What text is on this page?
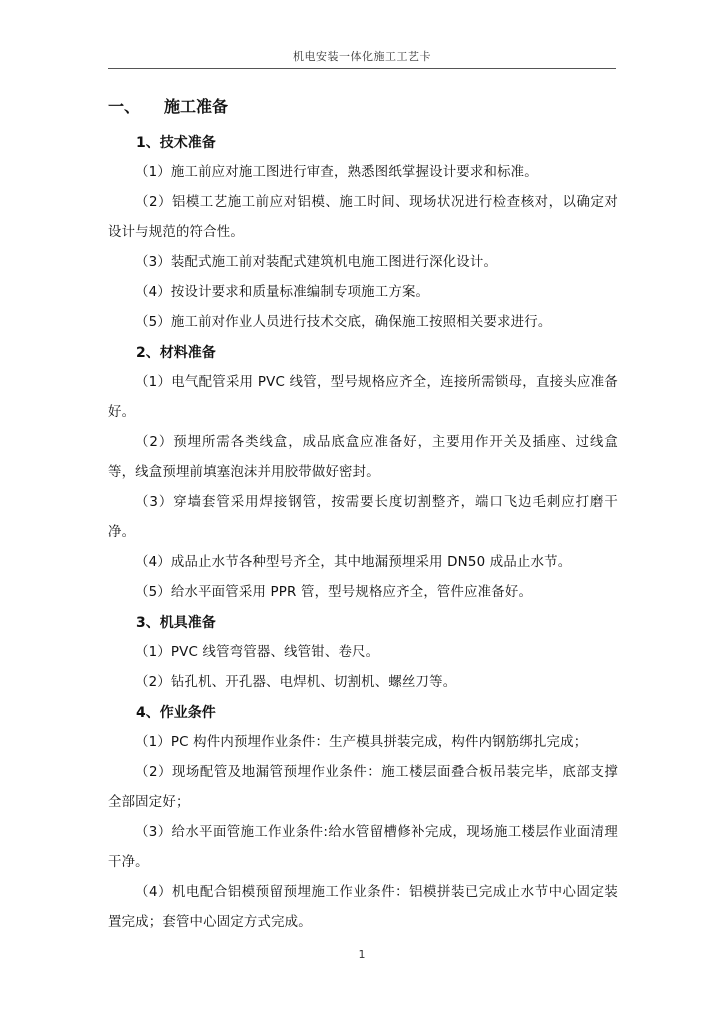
机电安装一体化施工工艺卡
一、 施工准备
1、技术准备
（1）施工前应对施工图进行审查，熟悉图纸掌握设计要求和标准。
（2）铝模工艺施工前应对铝模、施工时间、现场状况进行检查核对，以确定对设计与规范的符合性。
（3）装配式施工前对装配式建筑机电施工图进行深化设计。
（4）按设计要求和质量标准编制专项施工方案。
（5）施工前对作业人员进行技术交底，确保施工按照相关要求进行。
2、材料准备
（1）电气配管采用 PVC 线管，型号规格应齐全，连接所需锁母，直接头应准备好。
（2）预埋所需各类线盒，成品底盒应准备好，主要用作开关及插座、过线盒等，线盒预埋前填塞泡沫并用胶带做好密封。
（3）穿墙套管采用焊接钢管，按需要长度切割整齐，端口飞边毛刺应打磨干净。
（4）成品止水节各种型号齐全，其中地漏预埋采用 DN50 成品止水节。
（5）给水平面管采用 PPR 管，型号规格应齐全，管件应准备好。
3、机具准备
（1）PVC 线管弯管器、线管钳、卷尺。
（2）钻孔机、开孔器、电焊机、切割机、螺丝刀等。
4、作业条件
（1）PC 构件内预埋作业条件：生产模具拼装完成，构件内钢筋绑扎完成；
（2）现场配管及地漏管预埋作业条件：施工楼层面叠合板吊装完毕，底部支撑全部固定好；
（3）给水平面管施工作业条件:给水管留槽修补完成，现场施工楼层作业面清理干净。
（4）机电配合铝模预留预埋施工作业条件：铝模拼装已完成止水节中心固定装置完成；套管中心固定方式完成。
1
